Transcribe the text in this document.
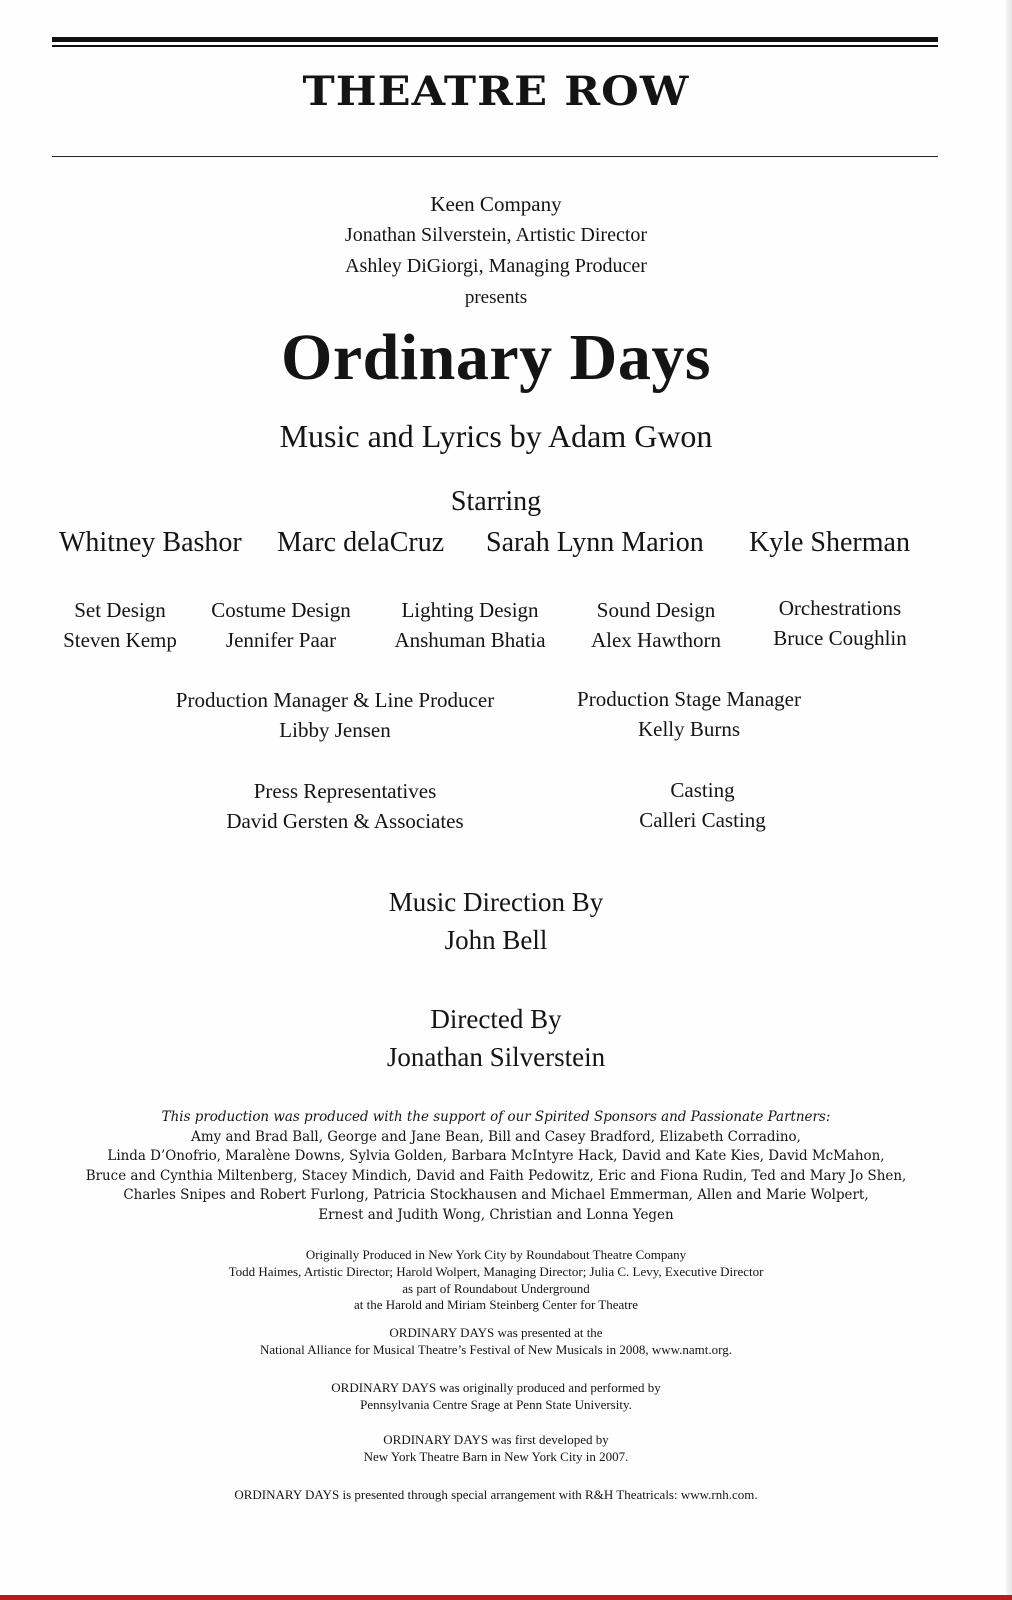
THEATRE ROW
Keen Company
Jonathan Silverstein, Artistic Director
Ashley DiGiorgi, Managing Producer
presents
Ordinary Days
Music and Lyrics by Adam Gwon
Starring
Whitney Bashor Marc delaCruz Sarah Lynn Marion Kyle Sherman
Set Design
Steven Kemp
Costume Design
Jennifer Paar
Lighting Design
Anshuman Bhatia
Sound Design
Alex Hawthorn
Orchestrations
Bruce Coughlin
Production Manager & Line Producer
Libby Jensen
Production Stage Manager
Kelly Burns
Press Representatives
David Gersten & Associates
Casting
Calleri Casting
Music Direction By
John Bell
Directed By
Jonathan Silverstein
This production was produced with the support of our Spirited Sponsors and Passionate Partners:
Amy and Brad Ball, George and Jane Bean, Bill and Casey Bradford, Elizabeth Corradino,
Linda D’Onofrio, Maralène Downs, Sylvia Golden, Barbara McIntyre Hack, David and Kate Kies, David McMahon,
Bruce and Cynthia Miltenberg, Stacey Mindich, David and Faith Pedowitz, Eric and Fiona Rudin, Ted and Mary Jo Shen,
Charles Snipes and Robert Furlong, Patricia Stockhausen and Michael Emmerman, Allen and Marie Wolpert,
Ernest and Judith Wong, Christian and Lonna Yegen
Originally Produced in New York City by Roundabout Theatre Company
Todd Haimes, Artistic Director; Harold Wolpert, Managing Director; Julia C. Levy, Executive Director
as part of Roundabout Underground
at the Harold and Miriam Steinberg Center for Theatre
ORDINARY DAYS was presented at the
National Alliance for Musical Theatre’s Festival of New Musicals in 2008, www.namt.org.
ORDINARY DAYS was originally produced and performed by
Pennsylvania Centre Srage at Penn State University.
ORDINARY DAYS was first developed by
New York Theatre Barn in New York City in 2007.
ORDINARY DAYS is presented through special arrangement with R&H Theatricals: www.rnh.com.
